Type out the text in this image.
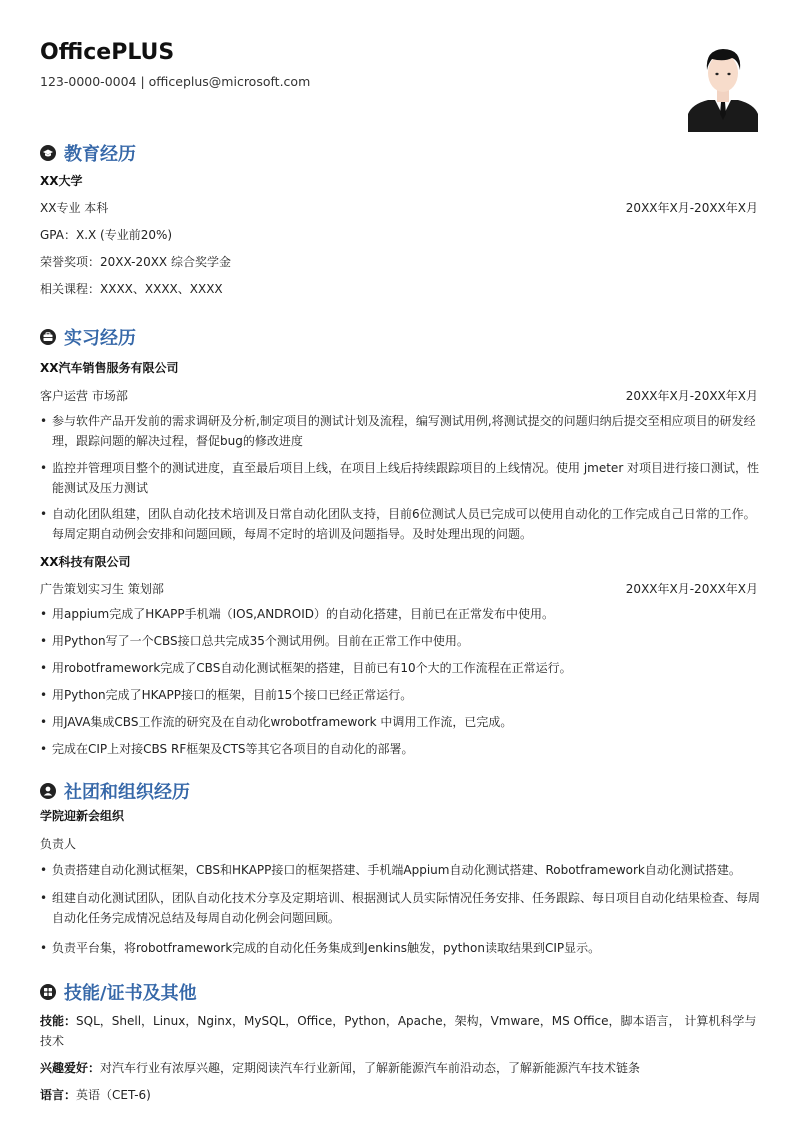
OfficePLUS
123-0000-0004 | officeplus@microsoft.com
教育经历
XX大学
XX专业 本科	20XX年X月-20XX年X月
GPA：X.X (专业前20%)
荣誉奖项：20XX-20XX 综合奖学金
相关课程：XXXX、XXXX、XXXX
实习经历
XX汽车销售服务有限公司
客户运营 市场部	20XX年X月-20XX年X月
• 参与软件产品开发前的需求调研及分析,制定项目的测试计划及流程，编写测试用例,将测试提交的问题归纳后提交至相应项目的研发经理，跟踪问题的解决过程，督促bug的修改进度
• 监控并管理项目整个的测试进度，直至最后项目上线，在项目上线后持续跟踪项目的上线情况。使用 jmeter 对项目进行接口测试，性能测试及压力测试
• 自动化团队组建，团队自动化技术培训及日常自动化团队支持，目前6位测试人员已完成可以使用自动化的工作完成自己日常的工作。每周定期自动例会安排和问题回顾，每周不定时的培训及问题指导。及时处理出现的问题。
XX科技有限公司
广告策划实习生 策划部	20XX年X月-20XX年X月
• 用appium完成了HKAPP手机端（IOS,ANDROID）的自动化搭建，目前已在正常发布中使用。
• 用Python写了一个CBS接口总共完成35个测试用例。目前在正常工作中使用。
• 用robotframework完成了CBS自动化测试框架的搭建，目前已有10个大的工作流程在正常运行。
• 用Python完成了HKAPP接口的框架，目前15个接口已经正常运行。
• 用JAVA集成CBS工作流的研究及在自动化wrobotframework 中调用工作流，已完成。
• 完成在CIP上对接CBS RF框架及CTS等其它各项目的自动化的部署。
社团和组织经历
学院迎新会组织
负责人
• 负责搭建自动化测试框架，CBS和HKAPP接口的框架搭建、手机端Appium自动化测试搭建、Robotframework自动化测试搭建。
• 组建自动化测试团队，团队自动化技术分享及定期培训、根据测试人员实际情况任务安排、任务跟踪、每日项目自动化结果检查、每周自动化任务完成情况总结及每周自动化例会问题回顾。
• 负责平台集，将robotframework完成的自动化任务集成到Jenkins触发，python读取结果到CIP显示。
技能/证书及其他
技能：SQL，Shell，Linux，Nginx，MySQL，Office，Python，Apache，架构，Vmware，MS Office，脚本语言， 计算机科学与技术
兴趣爱好：对汽车行业有浓厚兴趣，定期阅读汽车行业新闻，了解新能源汽车前沿动态，了解新能源汽车技术链条
语言：英语（CET-6)
